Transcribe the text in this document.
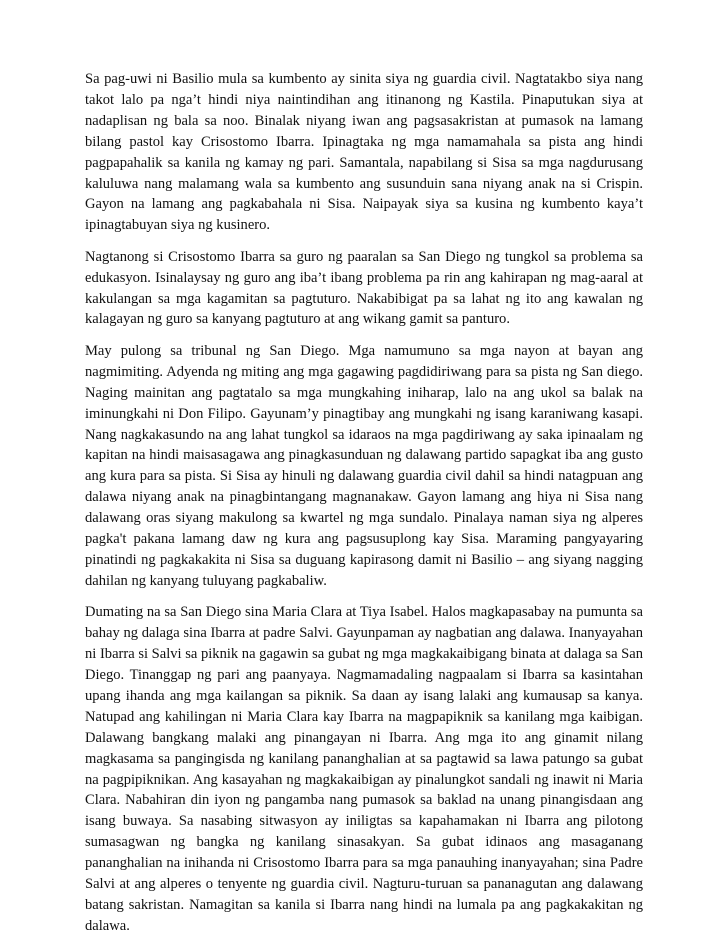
Sa pag-uwi ni Basilio mula sa kumbento ay sinita siya ng guardia civil. Nagtatakbo siya nang takot lalo pa nga’t hindi niya naintindihan ang itinanong ng Kastila. Pinaputukan siya at nadaplisan ng bala sa noo. Binalak niyang iwan ang pagsasakristan at pumasok na lamang bilang pastol kay Crisostomo Ibarra. Ipinagtaka ng mga namamahala sa pista ang hindi pagpapahalik sa kanila ng kamay ng pari. Samantala, napabilang si Sisa sa mga nagdurusang kaluluwa nang malamang wala sa kumbento ang susunduin sana niyang anak na si Crispin. Gayon na lamang ang pagkabahala ni Sisa. Naipayak siya sa kusina ng kumbento kaya’t ipinagtabuyan siya ng kusinero.

Nagtanong si Crisostomo Ibarra sa guro ng paaralan sa San Diego ng tungkol sa problema sa edukasyon. Isinalaysay ng guro ang iba’t ibang problema pa rin ang kahirapan ng mag-aaral at kakulangan sa mga kagamitan sa pagtuturo. Nakabibigat pa sa lahat ng ito ang kawalan ng kalagayan ng guro sa kanyang pagtuturo at ang wikang gamit sa panturo.

May pulong sa tribunal ng San Diego. Mga namumuno sa mga nayon at bayan ang nagmimiting. Adyenda ng miting ang mga gagawing pagdidiriwang para sa pista ng San diego. Naging mainitan ang pagtatalo sa mga mungkahing iniharap, lalo na ang ukol sa balak na iminungkahi ni Don Filipo. Gayunam’y pinagtibay ang mungkahi ng isang karaniwang kasapi. Nang nagkakasundo na ang lahat tungkol sa idaraos na mga pagdiriwang ay saka ipinaalam ng kapitan na hindi maisasagawa ang pinagkasunduan ng dalawang partido sapagkat iba ang gusto ang kura para sa pista. Si Sisa ay hinuli ng dalawang guardia civil dahil sa hindi natagpuan ang dalawa niyang anak na pinagbintangang magnanakaw. Gayon lamang ang hiya ni Sisa nang dalawang oras siyang makulong sa kwartel ng mga sundalo. Pinalaya naman siya ng alperes pagka't pakana lamang daw ng kura ang pagsusuplong kay Sisa. Maraming pangyayaring pinatindi ng pagkakakita ni Sisa sa duguang kapirasong damit ni Basilio – ang siyang nagging dahilan ng kanyang tuluyang pagkabaliw.

Dumating na sa San Diego sina Maria Clara at Tiya Isabel. Halos magkapasabay na pumunta sa bahay ng dalaga sina Ibarra at padre Salvi. Gayunpaman ay nagbatian ang dalawa. Inanyayahan ni Ibarra si Salvi sa piknik na gagawin sa gubat ng mga magkakaibigang binata at dalaga sa San Diego. Tinanggap ng pari ang paanyaya. Nagmamadaling nagpaalam si Ibarra sa kasintahan upang ihanda ang mga kailangan sa piknik. Sa daan ay isang lalaki ang kumausap sa kanya. Natupad ang kahilingan ni Maria Clara kay Ibarra na magpapiknik sa kanilang mga kaibigan. Dalawang bangkang malaki ang pinangayan ni Ibarra. Ang mga ito ang ginamit nilang magkasama sa pangingisda ng kanilang pananghalian at sa pagtawid sa lawa patungo sa gubat na pagpipiknikan. Ang kasayahan ng magkakaibigan ay pinalungkot sandali ng inawit ni Maria Clara. Nabahiran din iyon ng pangamba nang pumasok sa baklad na unang pinangisdaan ang isang buwaya. Sa nasabing sitwasyon ay iniligtas sa kapahamakan ni Ibarra ang pilotong sumasagwan ng bangka ng kanilang sinasakyan. Sa gubat idinaos ang masaganang pananghalian na inihanda ni Crisostomo Ibarra para sa mga panauhing inanyayahan; sina Padre Salvi at ang alperes o tenyente ng guardia civil. Nagturu-turuan sa pananagutan ang dalawang batang sakristan. Namagitan sa kanila si Ibarra nang hindi na lumala pa ang pagkakakitan ng dalawa.
